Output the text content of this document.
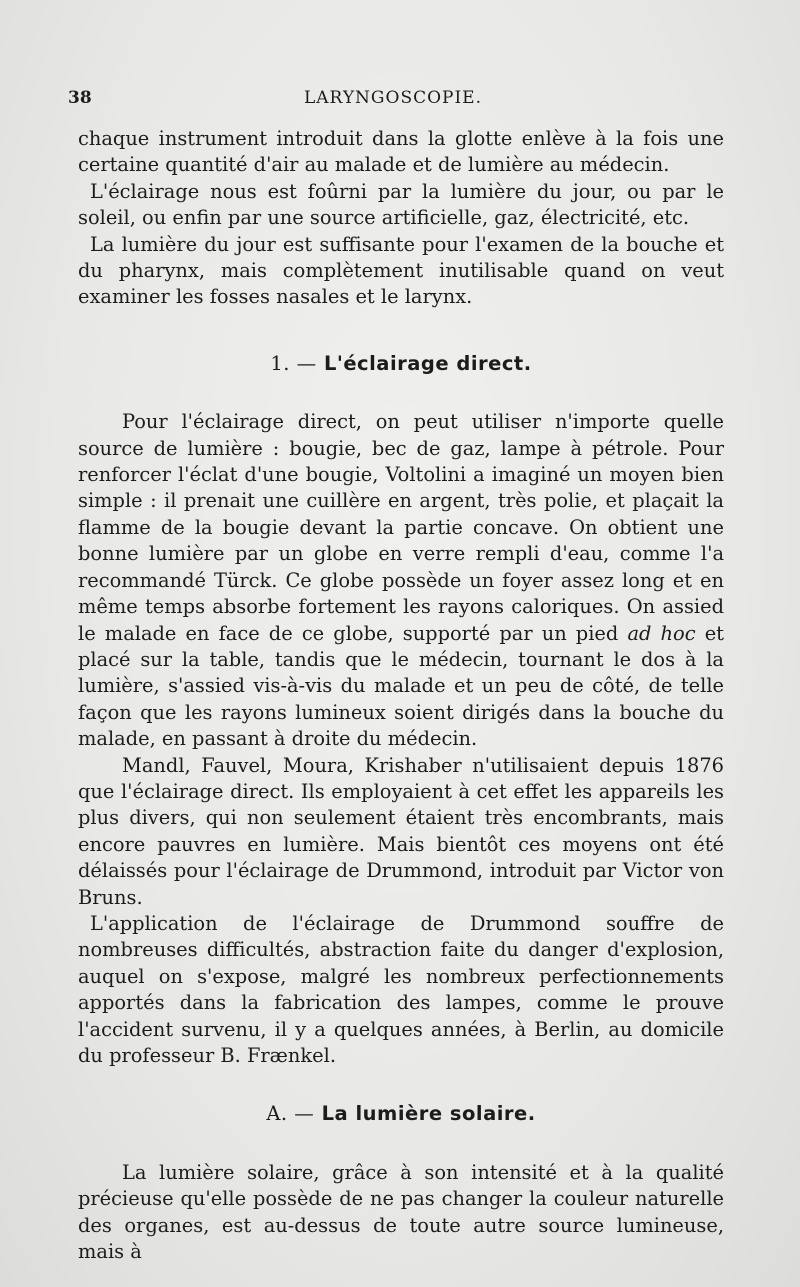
38	LARYNGOSCOPIE.

chaque instrument introduit dans la glotte enlève à la fois une certaine quantité d'air au malade et de lumière au médecin.

L'éclairage nous est foûrni par la lumière du jour, ou par le soleil, ou enfin par une source artificielle, gaz, électricité, etc.

La lumière du jour est suffisante pour l'examen de la bouche et du pharynx, mais complètement inutilisable quand on veut examiner les fosses nasales et le larynx.

1. — L'éclairage direct.

Pour l'éclairage direct, on peut utiliser n'importe quelle source de lumière : bougie, bec de gaz, lampe à pétrole. Pour renforcer l'éclat d'une bougie, Voltolini a imaginé un moyen bien simple : il prenait une cuillère en argent, très polie, et plaçait la flamme de la bougie devant la partie concave. On obtient une bonne lumière par un globe en verre rempli d'eau, comme l'a recommandé Türck. Ce globe possède un foyer assez long et en même temps absorbe fortement les rayons caloriques. On assied le malade en face de ce globe, supporté par un pied ad hoc et placé sur la table, tandis que le médecin, tournant le dos à la lumière, s'assied vis-à-vis du malade et un peu de côté, de telle façon que les rayons lumineux soient dirigés dans la bouche du malade, en passant à droite du médecin.

Mandl, Fauvel, Moura, Krishaber n'utilisaient depuis 1876 que l'éclairage direct. Ils employaient à cet effet les appareils les plus divers, qui non seulement étaient très encombrants, mais encore pauvres en lumière. Mais bientôt ces moyens ont été délaissés pour l'éclairage de Drummond, introduit par Victor von Bruns.

L'application de l'éclairage de Drummond souffre de nombreuses difficultés, abstraction faite du danger d'explosion, auquel on s'expose, malgré les nombreux perfectionnements apportés dans la fabrication des lampes, comme le prouve l'accident survenu, il y a quelques années, à Berlin, au domicile du professeur B. Frænkel.

A. — La lumière solaire.

La lumière solaire, grâce à son intensité et à la qualité précieuse qu'elle possède de ne pas changer la couleur naturelle des organes, est au-dessus de toute autre source lumineuse, mais à
